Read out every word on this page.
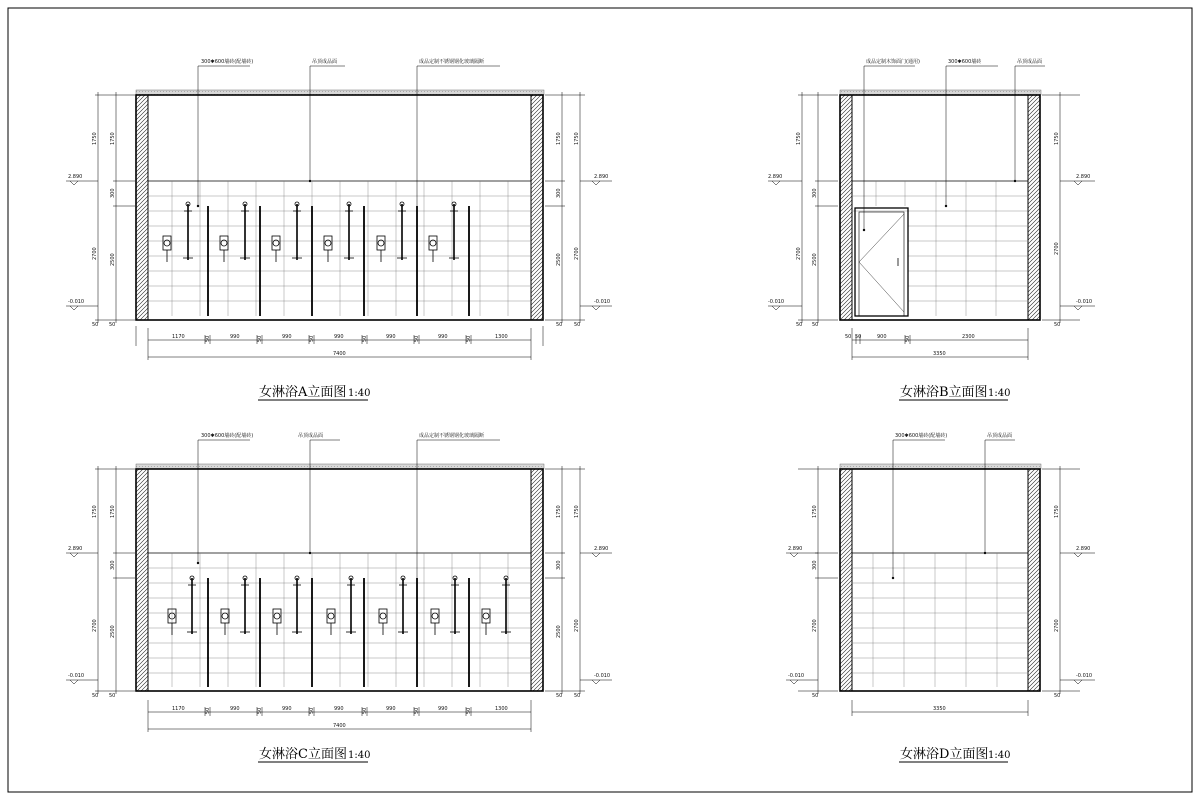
300✱600墙砖(配墙砖)	吊顶成品面	成品定制不锈钢钢化玻璃隔断
1750 1750
300
2700 2500
1750 1750
300
2700
2500
2.890
-0.010
2.890
-0.010
50 50	50 50
1170	50	990	50	990	50	990	50	990	50	990	50	1300
7400
女淋浴A立面图 1:40
成品定制木饰面门(通用)	300✱600墙砖	吊顶成品面
1750
300
2700 2500
1750
2700
2.890
-0.010
2.890
-0.010
50 50	50
50 50	900	50	2300
3350
女淋浴B立面图 1:40
300✱600墙砖(配墙砖)	吊顶成品面	成品定制不锈钢钢化玻璃隔断
1750 1750
300
2700 2500
1750 1750
300
2700
2500
2.890
-0.010
2.890
-0.010
50 50	50 50
1170	50	990	50	990	50	990	50	990	50	990	50	1300
7400
女淋浴C立面图 1:40
300✱600墙砖(配墙砖)	吊顶成品面
1750
300
2700
1750
2700
2.890
-0.010
2.890
-0.010
50	50
3350
女淋浴D立面图 1:40
